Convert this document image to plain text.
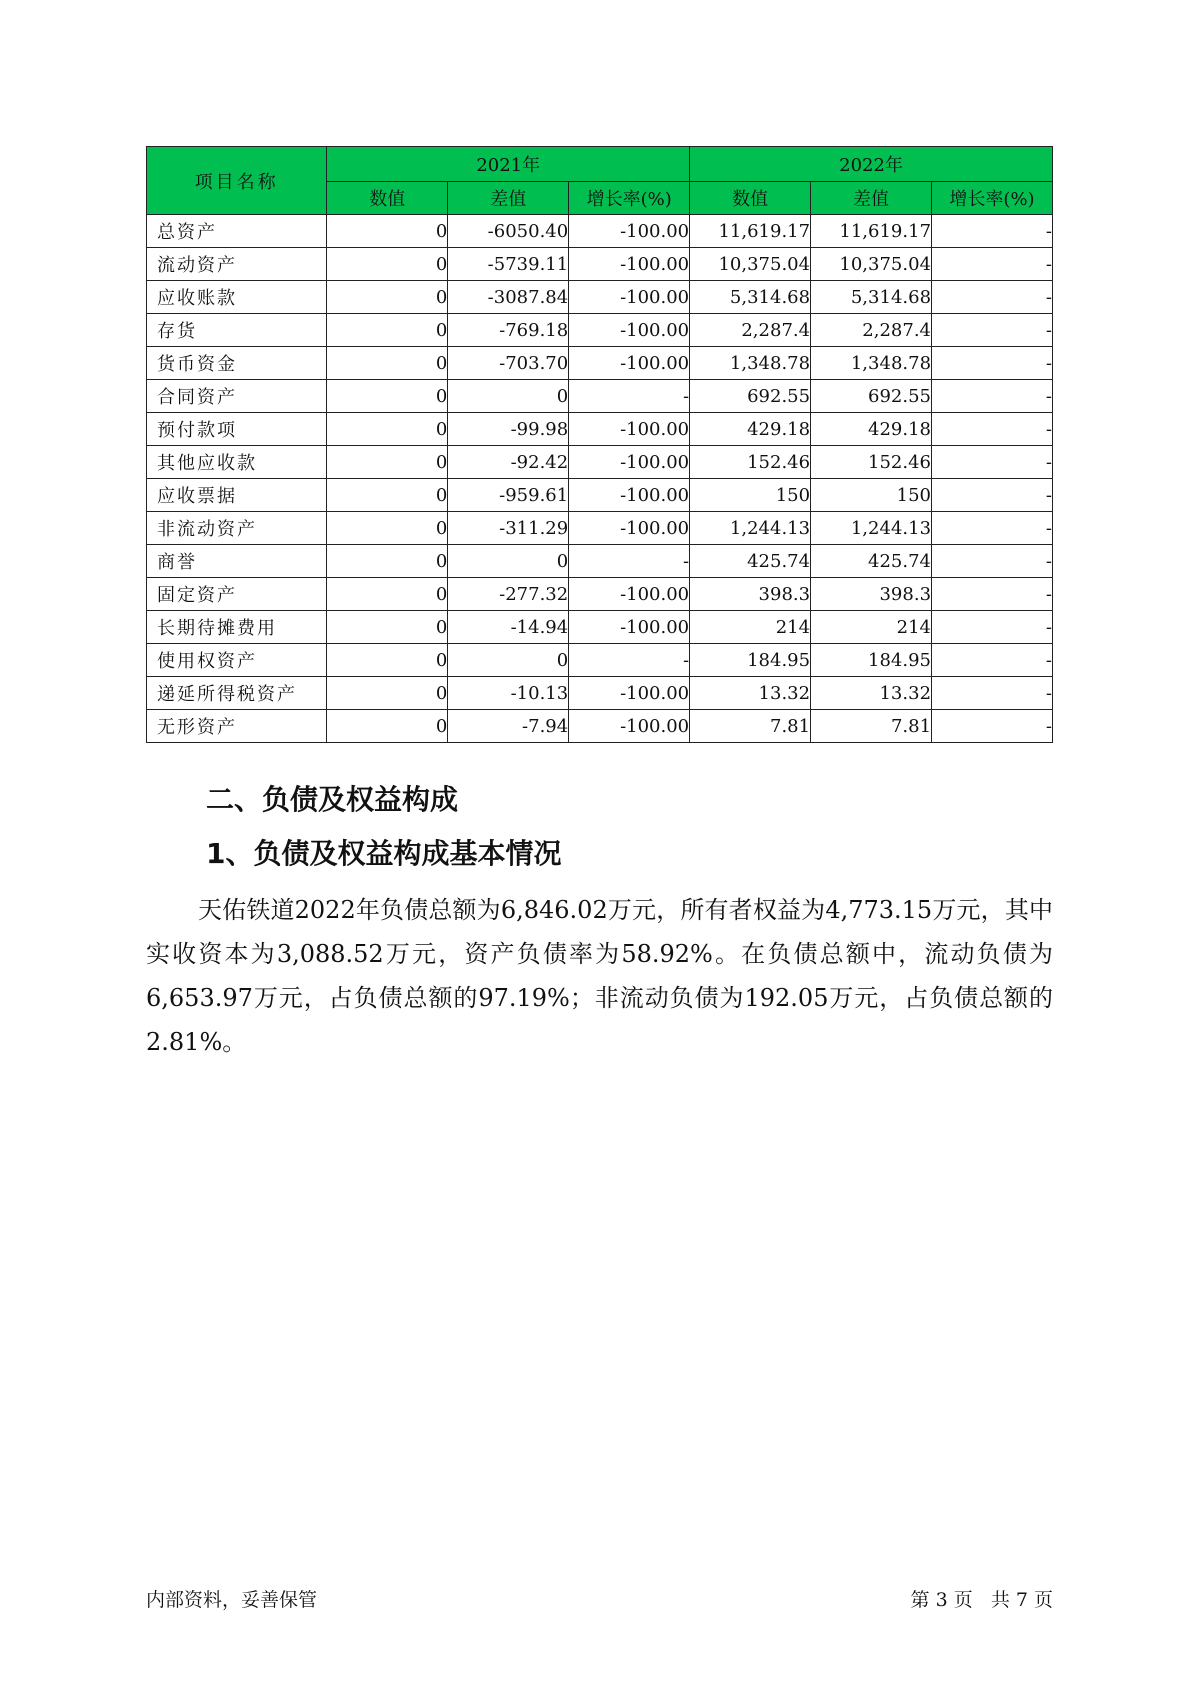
项目名称	2021年			2022年		
	数值	差值	增长率(%)	数值	差值	增长率(%)
总资产	0	-6050.40	-100.00	11,619.17	11,619.17	-
流动资产	0	-5739.11	-100.00	10,375.04	10,375.04	-
应收账款	0	-3087.84	-100.00	5,314.68	5,314.68	-
存货	0	-769.18	-100.00	2,287.4	2,287.4	-
货币资金	0	-703.70	-100.00	1,348.78	1,348.78	-
合同资产	0	0	-	692.55	692.55	-
预付款项	0	-99.98	-100.00	429.18	429.18	-
其他应收款	0	-92.42	-100.00	152.46	152.46	-
应收票据	0	-959.61	-100.00	150	150	-
非流动资产	0	-311.29	-100.00	1,244.13	1,244.13	-
商誉	0	0	-	425.74	425.74	-
固定资产	0	-277.32	-100.00	398.3	398.3	-
长期待摊费用	0	-14.94	-100.00	214	214	-
使用权资产	0	0	-	184.95	184.95	-
递延所得税资产	0	-10.13	-100.00	13.32	13.32	-
无形资产	0	-7.94	-100.00	7.81	7.81	-
二、负债及权益构成
1、负债及权益构成基本情况

天佑铁道2022年负债总额为6,846.02万元，所有者权益为4,773.15万元，其中实收资本为3,088.52万元，资产负债率为58.92%。在负债总额中，流动负债为6,653.97万元，占负债总额的97.19%；非流动负债为192.05万元，占负债总额的2.81%。

内部资料，妥善保管	第 3 页   共 7 页
